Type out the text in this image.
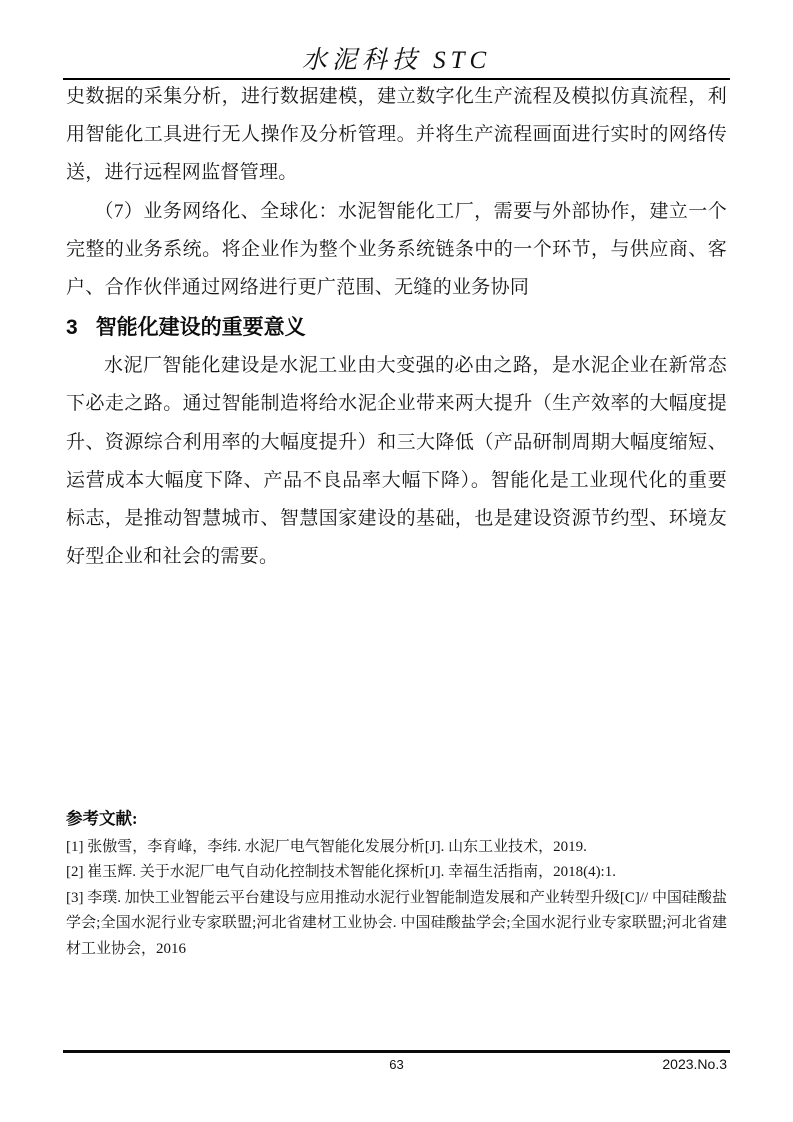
水泥科技 STC

史数据的采集分析，进行数据建模，建立数字化生产流程及模拟仿真流程，利用智能化工具进行无人操作及分析管理。并将生产流程画面进行实时的网络传送，进行远程网监督管理。

（7）业务网络化、全球化：水泥智能化工厂，需要与外部协作，建立一个完整的业务系统。将企业作为整个业务系统链条中的一个环节，与供应商、客户、合作伙伴通过网络进行更广范围、无缝的业务协同

3 智能化建设的重要意义

水泥厂智能化建设是水泥工业由大变强的必由之路，是水泥企业在新常态下必走之路。通过智能制造将给水泥企业带来两大提升（生产效率的大幅度提升、资源综合利用率的大幅度提升）和三大降低（产品研制周期大幅度缩短、运营成本大幅度下降、产品不良品率大幅下降）。智能化是工业现代化的重要标志，是推动智慧城市、智慧国家建设的基础，也是建设资源节约型、环境友好型企业和社会的需要。

参考文献:

[1] 张傲雪，李育峰，李纬. 水泥厂电气智能化发展分析[J]. 山东工业技术，2019.

[2] 崔玉辉. 关于水泥厂电气自动化控制技术智能化探析[J]. 幸福生活指南，2018(4):1.

[3] 李璞. 加快工业智能云平台建设与应用推动水泥行业智能制造发展和产业转型升级[C]// 中国硅酸盐学会;全国水泥行业专家联盟;河北省建材工业协会. 中国硅酸盐学会;全国水泥行业专家联盟;河北省建材工业协会，2016

63	2023.No.3
